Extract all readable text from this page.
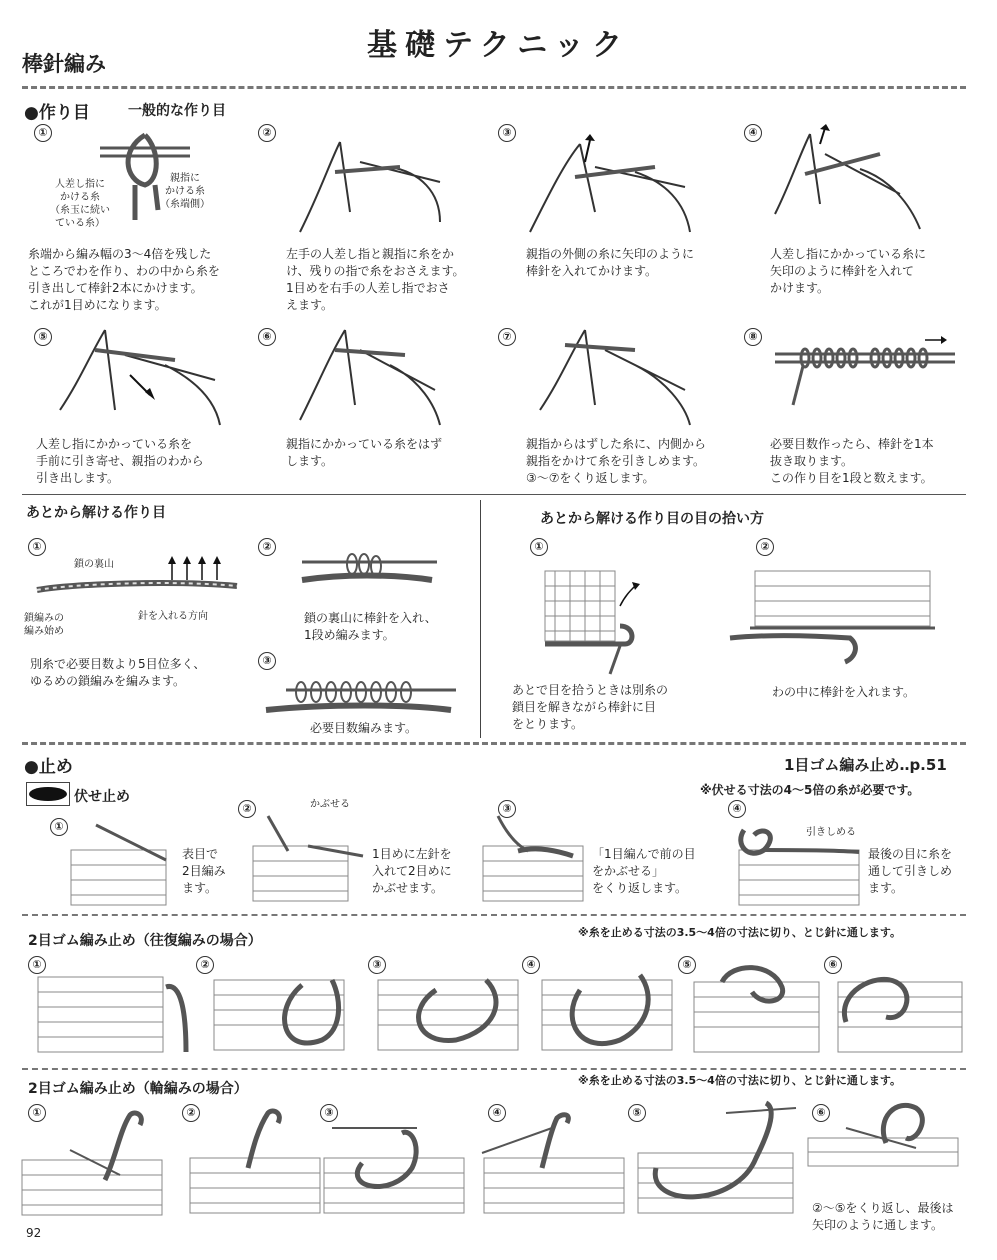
基礎テクニック
棒針編み
●作り目	一般的な作り目
①	②	③	④
人差し指に
かける糸
（糸玉に続い
ている糸）
親指に
かける糸
（糸端側）
糸端から編み幅の3〜4倍を残した
ところでわを作り、わの中から糸を
引き出して棒針2本にかけます。
これが1目めになります。
左手の人差し指と親指に糸をか
け、残りの指で糸をおさえます。
1目めを右手の人差し指でおさ
えます。
親指の外側の糸に矢印のように
棒針を入れてかけます。
人差し指にかかっている糸に
矢印のように棒針を入れて
かけます。
⑤	⑥	⑦	⑧
人差し指にかかっている糸を
手前に引き寄せ、親指のわから
引き出します。
親指にかかっている糸をはず
します。
親指からはずした糸に、内側から
親指をかけて糸を引きしめます。
③〜⑦をくり返します。
必要目数作ったら、棒針を1本
抜き取ります。
この作り目を1段と数えます。
あとから解ける作り目	あとから解ける作り目の目の拾い方
①
鎖の裏山
鎖編みの
編み始め
針を入れる方向
別糸で必要目数より5目位多く、
ゆるめの鎖編みを編みます。
②
鎖の裏山に棒針を入れ、
1段め編みます。
③
必要目数編みます。
①
あとで目を拾うときは別糸の
鎖目を解きながら棒針に目
をとります。
②
わの中に棒針を入れます。
●止め	1目ゴム編み止め‥p.51
伏せ止め	※伏せる寸法の4〜5倍の糸が必要です。
①
②	③	④
かぶせる
引きしめる
表目で
2目編み
ます。
1目めに左針を
入れて2目めに
かぶせます。
「1目編んで前の目
をかぶせる」
をくり返します。
最後の目に糸を
通して引きしめ
ます。
2目ゴム編み止め（往復編みの場合）
※糸を止める寸法の3.5〜4倍の寸法に切り、とじ針に通します。
①	②	③	④	⑤	⑥
2目ゴム編み止め（輪編みの場合）
※糸を止める寸法の3.5〜4倍の寸法に切り、とじ針に通します。
①	②	③	④	⑤	⑥
②〜⑤をくり返し、最後は
矢印のように通します。
92
